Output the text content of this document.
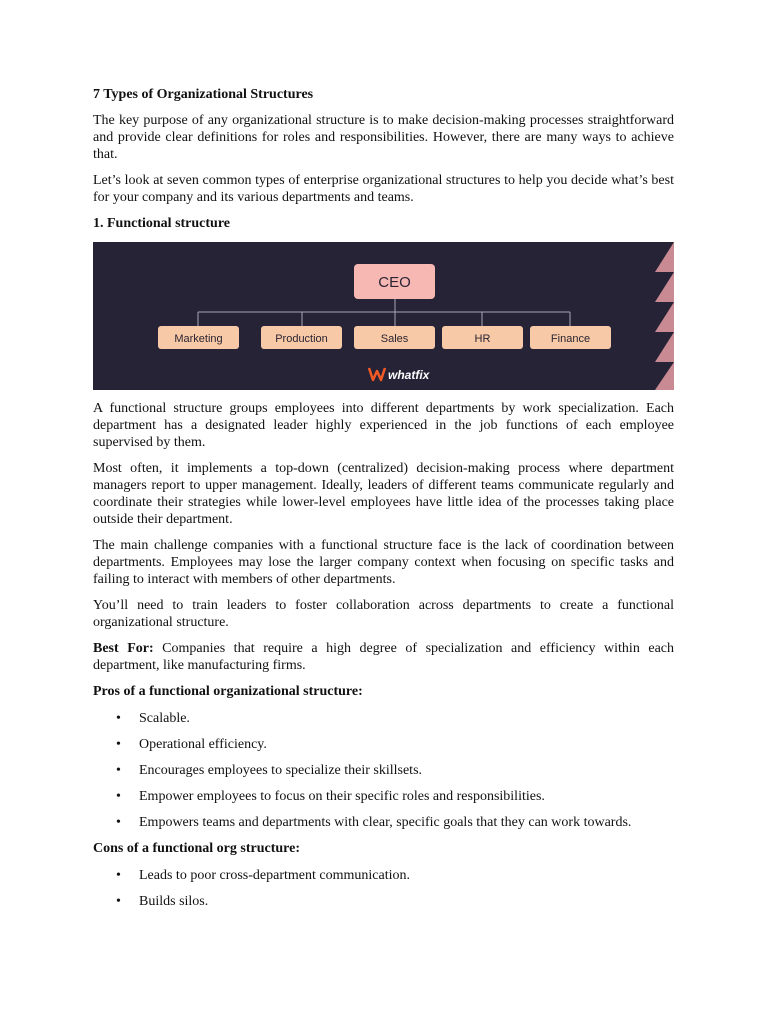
7 Types of Organizational Structures

The key purpose of any organizational structure is to make decision-making processes straightforward and provide clear definitions for roles and responsibilities. However, there are many ways to achieve that.

Let’s look at seven common types of enterprise organizational structures to help you decide what’s best for your company and its various departments and teams.

1. Functional structure
CEO
Marketing	Production	Sales	HR	Finance
whatfix

A functional structure groups employees into different departments by work specialization. Each department has a designated leader highly experienced in the job functions of each employee supervised by them.

Most often, it implements a top-down (centralized) decision-making process where department managers report to upper management. Ideally, leaders of different teams communicate regularly and coordinate their strategies while lower-level employees have little idea of the processes taking place outside their department.

The main challenge companies with a functional structure face is the lack of coordination between departments. Employees may lose the larger company context when focusing on specific tasks and failing to interact with members of other departments.

You’ll need to train leaders to foster collaboration across departments to create a functional organizational structure.

Best For: Companies that require a high degree of specialization and efficiency within each department, like manufacturing firms.

Pros of a functional organizational structure:
• Scalable.
• Operational efficiency.
• Encourages employees to specialize their skillsets.
• Empower employees to focus on their specific roles and responsibilities.
• Empowers teams and departments with clear, specific goals that they can work towards.
Cons of a functional org structure:
• Leads to poor cross-department communication.
• Builds silos.
